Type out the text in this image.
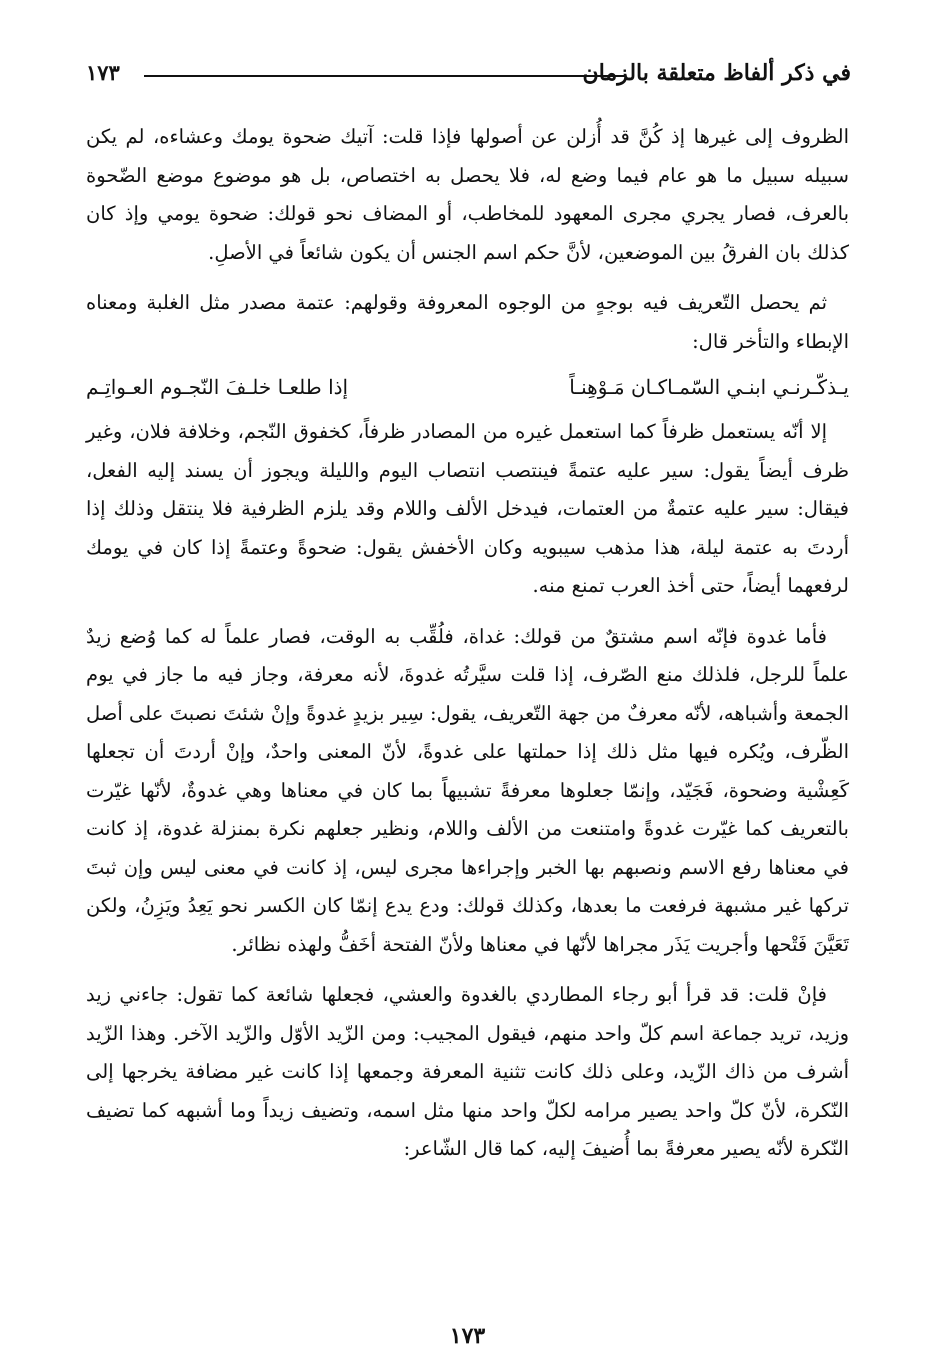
في ذكر ألفاظ متعلقة بالزمان
١٧٣

الظروف إلى غيرها إذ كُنَّ قد أُزلن عن أصولها فإذا قلت: آتيك ضحوة يومك وعشاءه، لم يكن سبيله سبيل ما هو عام فيما وضع له، فلا يحصل به اختصاص، بل هو موضوع موضع الضّحوة بالعرف، فصار يجري مجرى المعهود للمخاطب، أو المضاف نحو قولك: ضحوة يومي وإذ كان كذلك بان الفرقُ بين الموضعين، لأنَّ حكم اسم الجنس أن يكون شائعاً في الأصلِ.

ثم يحصل التّعريف فيه بوجهٍ من الوجوه المعروفة وقولهم: عتمة مصدر مثل الغلبة ومعناه الإبطاء والتأخر قال:

يـذكّـرنـي ابنـي السّمـاكـان مَـوْهِنـاً
إذا طلعـا خلـفَ النّجـوم العـواتِـم

إلا أنّه يستعمل ظرفاً كما استعمل غيره من المصادر ظرفاً، كخفوق النّجم، وخلافة فلان، وغير ظرف أيضاً يقول: سير عليه عتمةً فينتصب انتصاب اليوم والليلة ويجوز أن يسند إليه الفعل، فيقال: سير عليه عتمةٌ من العتمات، فيدخل الألف واللام وقد يلزم الظرفية فلا ينتقل وذلك إذا أردتَ به عتمة ليلة، هذا مذهب سيبويه وكان الأخفش يقول: ضحوةً وعتمةً إذا كان في يومك لرفعهما أيضاً، حتى أخذ العرب تمنع منه.

فأما غدوة فإنّه اسم مشتقٌ من قولك: غداة، فلُقِّب به الوقت، فصار علماً له كما وُضع زيدٌ علماً للرجل، فلذلك منع الصّرف، إذا قلت سيَّرتُه غدوةَ، لأنه معرفة، وجاز فيه ما جاز في يوم الجمعة وأشباهه، لأنّه معرفٌ من جهة التّعريف، يقول: سِير بزيدٍ غدوةً وإنْ شئتَ نصبتَ على أصل الظّرف، ويُكره فيها مثل ذلك إذا حملتها على غدوةً، لأنّ المعنى واحدٌ، وإنْ أردتَ أن تجعلها كَعِشْية وضحوة، فَجَيّد، وإنمّا جعلوها معرفةً تشبيهاً بما كان في معناها وهي غدوةٌ، لأنّها غيّرت بالتعريف كما غيّرت غدوةً وامتنعت من الألف واللام، ونظير جعلهم نكرة بمنزلة غدوة، إذ كانت في معناها رفع الاسم ونصبهم بها الخبر وإجراءها مجرى ليس، إذ كانت في معنى ليس وإن ثبتَ تركها غير مشبهة فرفعت ما بعدها، وكذلك قولك: ودع يدع إنمّا كان الكسر نحو يَعِدُ ويَزِنُ، ولكن تَعَيَّنَ فَتْحها وأجريت يَذَر مجراها لأنّها في معناها ولأنّ الفتحة أخَفُّ ولهذه نظائر.

فإنْ قلت: قد قرأ أبو رجاء المطاردي بالغدوة والعشي، فجعلها شائعة كما تقول: جاءني زيد وزيد، تريد جماعة اسم كلّ واحد منهم، فيقول المجيب: ومن الزّيد الأوّل والزّيد الآخر. وهذا الزّيد أشرف من ذاك الزّيد، وعلى ذلك كانت تثنية المعرفة وجمعها إذا كانت غير مضافة يخرجها إلى النّكرة، لأنّ كلّ واحد يصير مرامه لكلّ واحد منها مثل اسمه، وتضيف زيداً وما أشبهه كما تضيف النّكرة لأنّه يصير معرفةً بما أُضيفَ إليه، كما قال الشّاعر:

١٧٣
